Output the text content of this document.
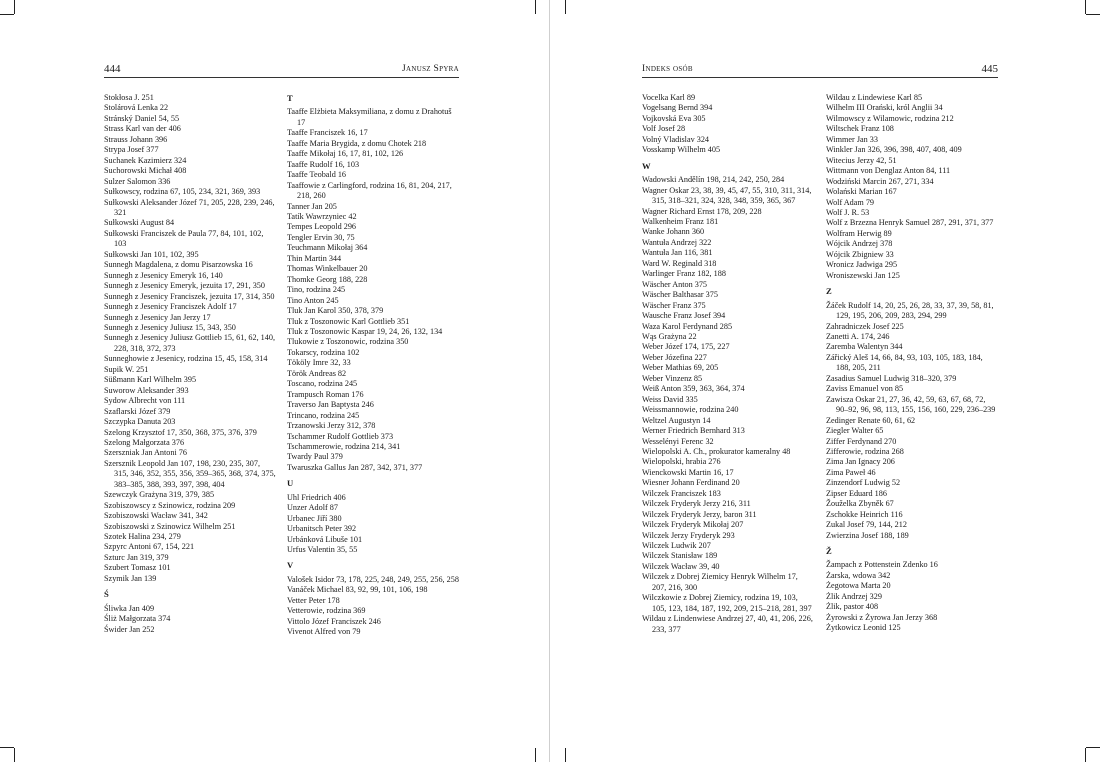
444	Janusz Spyra

Stokłosa J. 251

Stolárová Lenka 22

Stránský Daniel 54, 55

Strass Karl van der 406

Strauss Johann 396

Strypa Josef 377

Suchanek Kazimierz 324

Suchorowski Michał 408

Sulzer Salomon 336

Sułkowscy, rodzina 67, 105, 234, 321, 369, 393

Sułkowski Aleksander Józef 71, 205, 228, 239, 246, 321

Sułkowski August 84

Sułkowski Franciszek de Paula 77, 84, 101, 102, 103

Sułkowski Jan 101, 102, 395

Sunnegh Magdalena, z domu Pisarzowska 16

Sunnegh z Jesenicy Emeryk 16, 140

Sunnegh z Jesenicy Emeryk, jezuita 17, 291, 350

Sunnegh z Jesenicy Franciszek, jezuita 17, 314, 350

Sunnegh z Jesenicy Franciszek Adolf 17

Sunnegh z Jesenicy Jan Jerzy 17

Sunnegh z Jesenicy Juliusz 15, 343, 350

Sunnegh z Jesenicy Juliusz Gottlieb 15, 61, 62, 140, 228, 318, 372, 373

Sunneghowie z Jesenicy, rodzina 15, 45, 158, 314

Supik W. 251

Süßmann Karl Wilhelm 395

Suworow Aleksander 393

Sydow Albrecht von 111

Szaflarski Józef 379

Szczypka Danuta 203

Szelong Krzysztof 17, 350, 368, 375, 376, 379

Szelong Małgorzata 376

Szerszniak Jan Antoni 76

Szersznik Leopold Jan 107, 198, 230, 235, 307, 315, 346, 352, 355, 356, 359–365, 368, 374, 375, 383–385, 388, 393, 397, 398, 404

Szewczyk Grażyna 319, 379, 385

Szobiszowscy z Szinowicz, rodzina 209

Szobiszowski Wacław 341, 342

Szobiszowski z Szinowicz Wilhelm 251

Szotek Halina 234, 279

Szpyrc Antoni 67, 154, 221

Szturc Jan 319, 379

Szubert Tomasz 101

Szymik Jan 139

Ś

Śliwka Jan 409

Śliż Małgorzata 374

Świder Jan 252

T

Taaffe Elżbieta Maksymiliana, z domu z Drahotuš 17

Taaffe Franciszek 16, 17

Taaffe Maria Brygida, z domu Chotek 218

Taaffe Mikołaj 16, 17, 81, 102, 126

Taaffe Rudolf 16, 103

Taaffe Teobald 16

Taaffowie z Carlingford, rodzina 16, 81, 204, 217, 218, 260

Tanner Jan 205

Tatík Wawrzyniec 42

Tempes Leopold 296

Tengler Ervin 30, 75

Teuchmann Mikołaj 364

Thin Martin 344

Thomas Winkelbauer 20

Thomke Georg 188, 228

Tino, rodzina 245

Tino Anton 245

Tluk Jan Karol 350, 378, 379

Tluk z Toszonowic Karl Gottlieb 351

Tluk z Toszonowic Kaspar 19, 24, 26, 132, 134

Tlukowie z Toszonowic, rodzina 350

Tokarscy, rodzina 102

Tököly Imre 32, 33

Török Andreas 82

Toscano, rodzina 245

Trampusch Roman 176

Traverso Jan Baptysta 246

Trincano, rodzina 245

Trzanowski Jerzy 312, 378

Tschammer Rudolf Gottlieb 373

Tschammerowie, rodzina 214, 341

Twardy Paul 379

Twaruszka Gallus Jan 287, 342, 371, 377

U

Uhl Friedrich 406

Unzer Adolf 87

Urbanec Jiří 380

Urbanitsch Peter 392

Urbánková Libuše 101

Urfus Valentin 35, 55

V

Valošek Isidor 73, 178, 225, 248, 249, 255, 256, 258

Vanáček Michael 83, 92, 99, 101, 106, 198

Vetter Peter 178

Vetterowie, rodzina 369

Vittolo Józef Franciszek 246

Vivenot Alfred von 79

Indeks osób	445

Vocelka Karl 89

Vogelsang Bernd 394

Vojkovská Eva 305

Volf Josef 28

Volný Vladislav 324

Vosskamp Wilhelm 405

W

Wadowski Andělín 198, 214, 242, 250, 284

Wagner Oskar 23, 38, 39, 45, 47, 55, 310, 311, 314, 315, 318–321, 324, 328, 348, 359, 365, 367

Wagner Richard Ernst 178, 209, 228

Walkenheim Franz 181

Wanke Johann 360

Wantuła Andrzej 322

Wantuła Jan 116, 381

Ward W. Reginald 318

Warlinger Franz 182, 188

Wäscher Anton 375

Wäscher Balthasar 375

Wäscher Franz 375

Wausche Franz Josef 394

Waza Karol Ferdynand 285

Wąs Grażyna 22

Weber Józef 174, 175, 227

Weber Józefina 227

Weber Mathias 69, 205

Weber Vinzenz 85

Weiß Anton 359, 363, 364, 374

Weiss David 335

Weissmannowie, rodzina 240

Weltzel Augustyn 14

Werner Friedrich Bernhard 313

Wesselényi Ferenc 32

Wielopolski A. Ch., prokurator kameralny 48

Wielopolski, hrabia 276

Wienckowski Martin 16, 17

Wiesner Johann Ferdinand 20

Wilczek Franciszek 183

Wilczek Fryderyk Jerzy 216, 311

Wilczek Fryderyk Jerzy, baron 311

Wilczek Fryderyk Mikołaj 207

Wilczek Jerzy Fryderyk 293

Wilczek Ludwik 207

Wilczek Stanisław 189

Wilczek Wacław 39, 40

Wilczek z Dobrej Ziemicy Henryk Wilhelm 17, 207, 216, 300

Wilczkowie z Dobrej Ziemicy, rodzina 19, 103, 105, 123, 184, 187, 192, 209, 215–218, 281, 397

Wildau z Lindenwiese Andrzej 27, 40, 41, 206, 226, 233, 377

Wildau z Lindewiese Karl 85

Wilhelm III Orański, król Anglii 34

Wilmowscy z Wilamowic, rodzina 212

Wiltschek Franz 108

Wimmer Jan 33

Winkler Jan 326, 396, 398, 407, 408, 409

Witecius Jerzy 42, 51

Wittmann von Denglaz Anton 84, 111

Wodziński Marcin 267, 271, 334

Wolański Marian 167

Wolf Adam 79

Wolf J. R. 53

Wolf z Brzezna Henryk Samuel 287, 291, 371, 377

Wolfram Herwig 89

Wójcik Andrzej 378

Wójcik Zbigniew 33

Wronicz Jadwiga 295

Wroniszewski Jan 125

Z

Žáček Rudolf 14, 20, 25, 26, 28, 33, 37, 39, 58, 81, 129, 195, 206, 209, 283, 294, 299

Zahradniczek Josef 225

Zanetti A. 174, 246

Zaremba Walentyn 344

Zářický Aleš 14, 66, 84, 93, 103, 105, 183, 184, 188, 205, 211

Zasadius Samuel Ludwig 318–320, 379

Zaviss Emanuel von 85

Zawisza Oskar 21, 27, 36, 42, 59, 63, 67, 68, 72, 90–92, 96, 98, 113, 155, 156, 160, 229, 236–239

Zedinger Renate 60, 61, 62

Ziegler Walter 65

Ziffer Ferdynand 270

Zifferowie, rodzina 268

Zima Jan Ignacy 206

Zima Paweł 46

Zinzendorf Ludwig 52

Zipser Eduard 186

Žouželka Zbyněk 67

Zschokke Heinrich 116

Zukal Josef 79, 144, 212

Zwierzina Josef 188, 189

Ž

Žampach z Pottenstein Zdenko 16

Żarska, wdowa 342

Żegotowa Marta 20

Żlik Andrzej 329

Żlik, pastor 408

Żyrowski z Żyrowa Jan Jerzy 368

Żytkowicz Leonid 125
